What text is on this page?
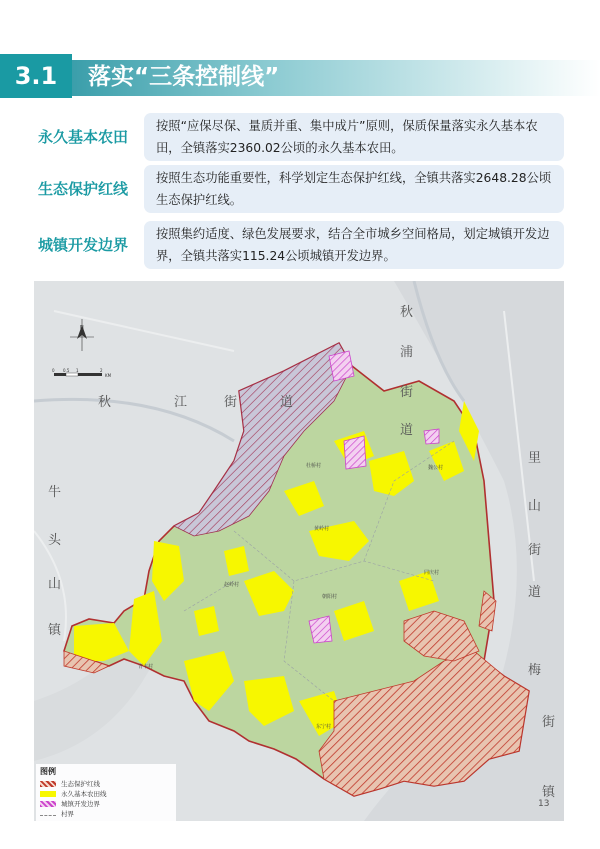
3.1	落实“三条控制线”
永久基本农田
按照“应保尽保、量质并重、集中成片”原则，保质保量落实永久基本农田，全镇落实2360.02公顷的永久基本农田。
生态保护红线
按照生态功能重要性，科学划定生态保护红线，全镇共落实2648.28公顷生态保护红线。
城镇开发边界
按照集约适度、绿色发展要求，结合全市城乡空间格局，划定城镇开发边界，全镇共落实115.24公顷城镇开发边界。
N
0 0.5 1	2
KM
秋
浦
街
道
秋	江	街	道
牛
头
山
镇
里
山
街
道
梅
街
镇
杜桥村	魏公村
黄岭村
朝阳村
同庆村
赵岭村
东宁村
青丰村
图例
生态保护红线
永久基本农田线
城镇开发边界
村界
13
